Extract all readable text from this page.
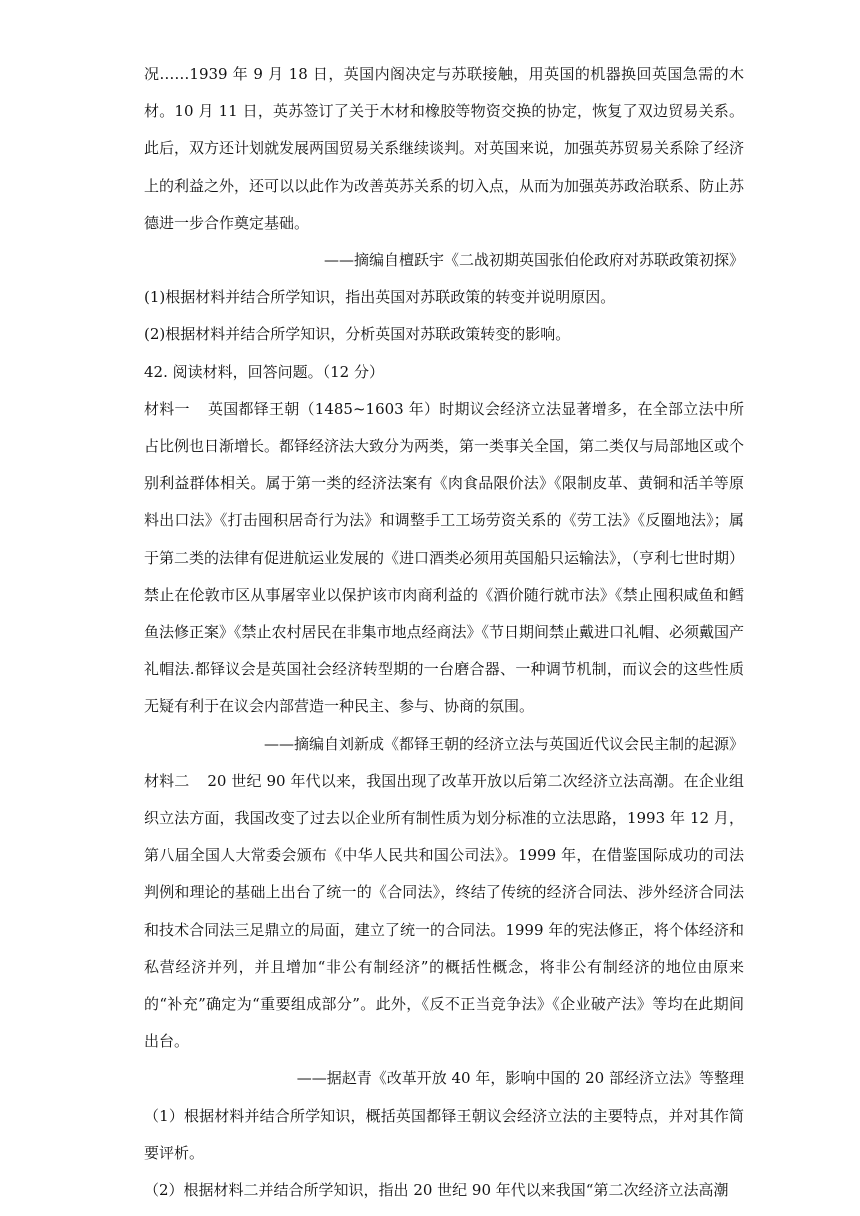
况……1939 年 9 月 18 日，英国内阁决定与苏联接触，用英国的机器换回英国急需的木材。10 月 11 日，英苏签订了关于木材和橡胶等物资交换的协定，恢复了双边贸易关系。此后，双方还计划就发展两国贸易关系继续谈判。对英国来说，加强英苏贸易关系除了经济上的利益之外，还可以以此作为改善英苏关系的切入点，从而为加强英苏政治联系、防止苏德进一步合作奠定基础。

——摘编自檀跃宇《二战初期英国张伯伦政府对苏联政策初探》

(1)根据材料并结合所学知识，指出英国对苏联政策的转变并说明原因。

(2)根据材料并结合所学知识，分析英国对苏联政策转变的影响。

42. 阅读材料，回答问题。（12 分）

材料一 英国都铎王朝（1485~1603 年）时期议会经济立法显著增多，在全部立法中所占比例也日渐增长。都铎经济法大致分为两类，第一类事关全国，第二类仅与局部地区或个别利益群体相关。属于第一类的经济法案有《肉食品限价法》《限制皮革、黄铜和活羊等原料出口法》《打击囤积居奇行为法》和调整手工工场劳资关系的《劳工法》《反圈地法》；属于第二类的法律有促进航运业发展的《进口酒类必须用英国船只运输法》，（亨利七世时期）禁止在伦敦市区从事屠宰业以保护该市肉商利益的《酒价随行就市法》《禁止囤积咸鱼和鳕鱼法修正案》《禁止农村居民在非集市地点经商法》《节日期间禁止戴进口礼帽、必须戴国产礼帽法.都铎议会是英国社会经济转型期的一台磨合器、一种调节机制，而议会的这些性质无疑有利于在议会内部营造一种民主、参与、协商的氛围。

——摘编自刘新成《都铎王朝的经济立法与英国近代议会民主制的起源》

材料二 20 世纪 90 年代以来，我国出现了改革开放以后第二次经济立法高潮。在企业组织立法方面，我国改变了过去以企业所有制性质为划分标准的立法思路，1993 年 12 月，第八届全国人大常委会颁布《中华人民共和国公司法》。1999 年，在借鉴国际成功的司法判例和理论的基础上出台了统一的《合同法》，终结了传统的经济合同法、涉外经济合同法和技术合同法三足鼎立的局面，建立了统一的合同法。1999 年的宪法修正，将个体经济和私营经济并列，并且增加“非公有制经济”的概括性概念，将非公有制经济的地位由原来的“补充”确定为“重要组成部分”。此外，《反不正当竞争法》《企业破产法》等均在此期间出台。

——据赵青《改革开放 40 年，影响中国的 20 部经济立法》等整理

（1）根据材料并结合所学知识，概括英国都铎王朝议会经济立法的主要特点，并对其作简要评析。

（2）根据材料二并结合所学知识，指出 20 世纪 90 年代以来我国“第二次经济立法高潮
